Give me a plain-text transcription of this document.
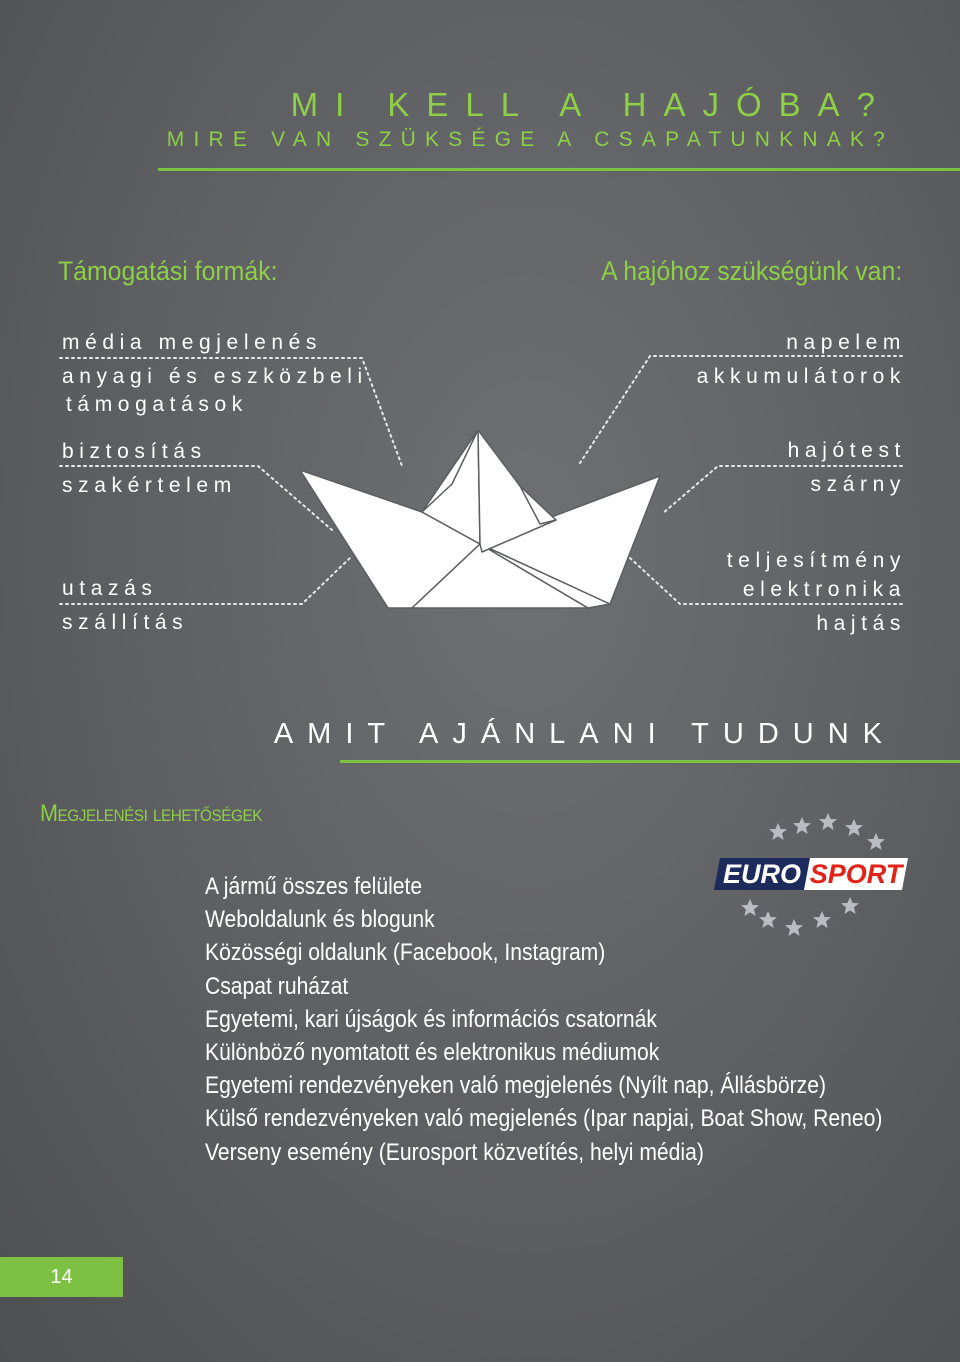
MI KELL A HAJÓBA?
MIRE VAN SZÜKSÉGE A CSAPATUNKNAK?
Támogatási formák:	A hajóhoz szükségünk van:
média megjelenés
anyagi és eszközbeli
támogatások
biztosítás
szakértelem
utazás
szállítás
napelem
akkumulátorok
hajótest
szárny
teljesítmény
elektronika
hajtás
AMIT AJÁNLANI TUDUNK
Megjelenési lehetőségek
A jármű összes felülete
Weboldalunk és blogunk
Közösségi oldalunk (Facebook, Instagram)
Csapat ruházat
Egyetemi, kari újságok és információs csatornák
Különböző nyomtatott és elektronikus médiumok
Egyetemi rendezvényeken való megjelenés (Nyílt nap, Állásbörze)
Külső rendezvényeken való megjelenés (Ipar napjai, Boat Show, Reneo)
Verseny esemény (Eurosport közvetítés, helyi média)
EURO SPORT
14
